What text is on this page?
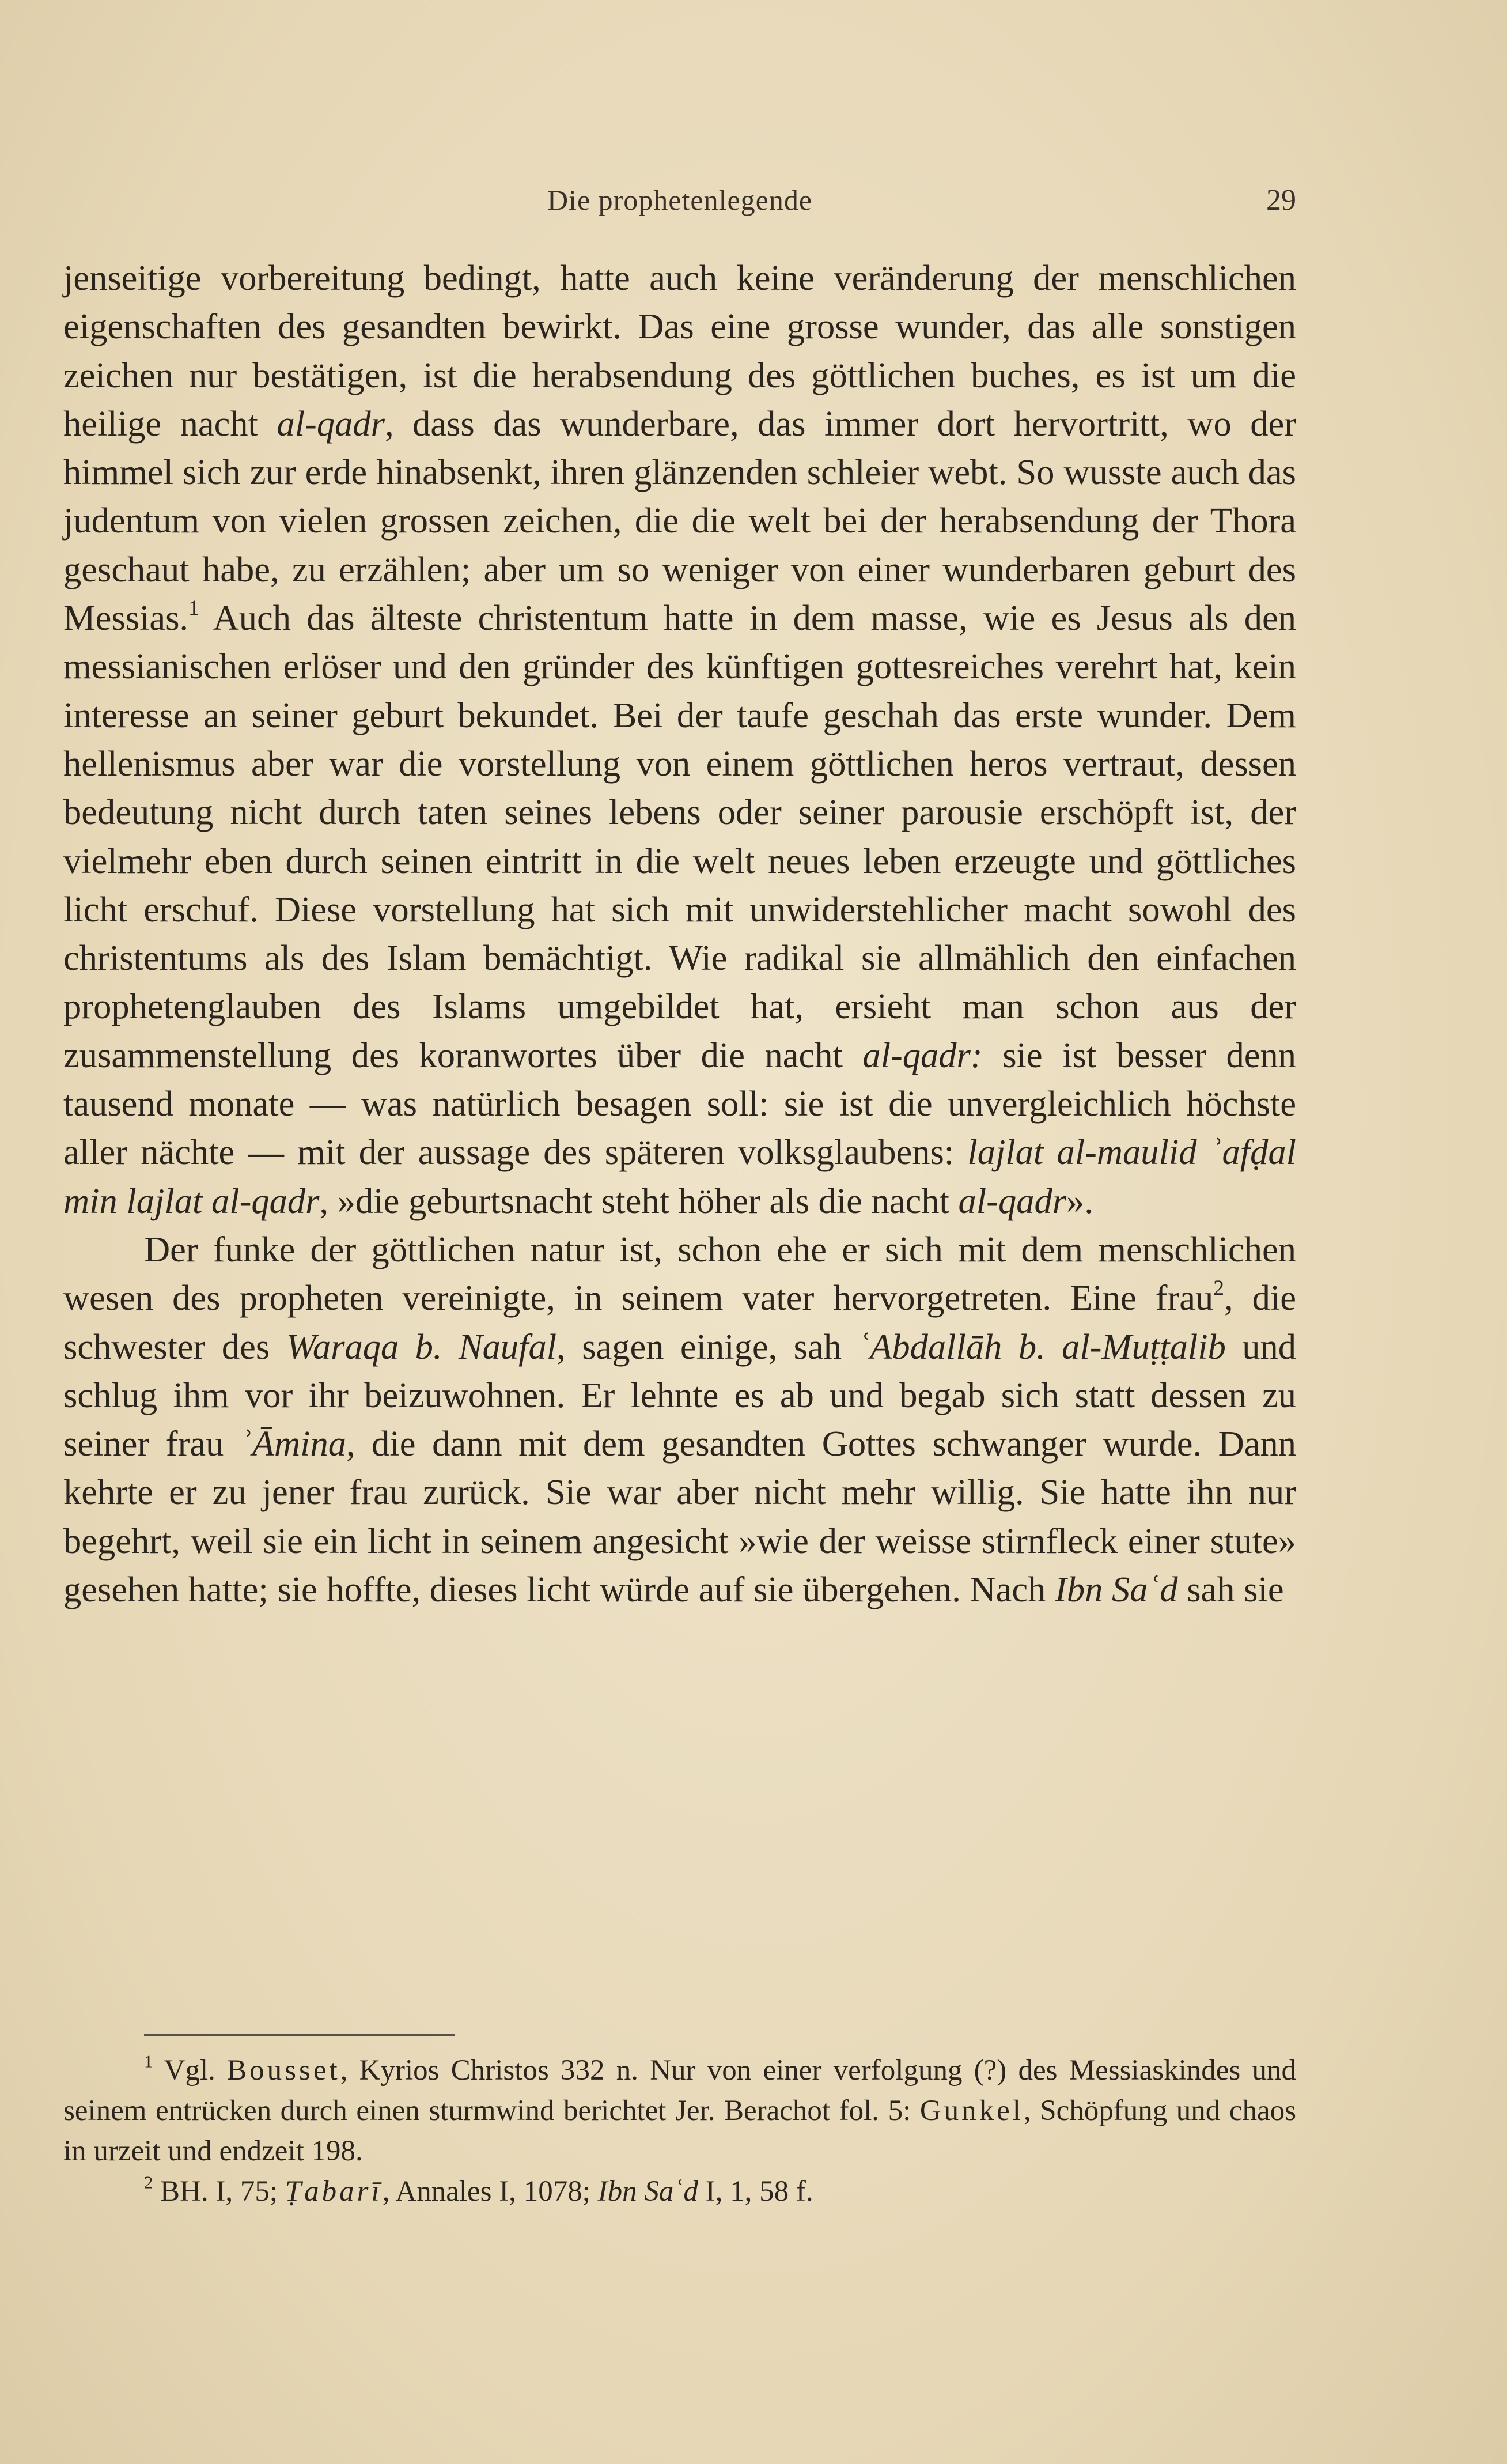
Die prophetenlegende	29

jenseitige vorbereitung bedingt, hatte auch keine veränderung der menschlichen eigenschaften des gesandten bewirkt. Das eine grosse wunder, das alle sonstigen zeichen nur bestätigen, ist die herabsendung des göttlichen buches, es ist um die heilige nacht al-qadr, dass das wunderbare, das immer dort hervortritt, wo der himmel sich zur erde hinabsenkt, ihren glänzenden schleier webt. So wusste auch das judentum von vielen grossen zeichen, die die welt bei der herabsendung der Thora geschaut habe, zu erzählen; aber um so weniger von einer wunderbaren geburt des Messias.$^1$ Auch das älteste christentum hatte in dem masse, wie es Jesus als den messianischen erlöser und den gründer des künftigen gottesreiches verehrt hat, kein interesse an seiner geburt bekundet. Bei der taufe geschah das erste wunder. Dem hellenismus aber war die vorstellung von einem göttlichen heros vertraut, dessen bedeutung nicht durch taten seines lebens oder seiner parousie erschöpft ist, der vielmehr eben durch seinen eintritt in die welt neues leben erzeugte und göttliches licht erschuf. Diese vorstellung hat sich mit unwiderstehlicher macht sowohl des christentums als des Islam bemächtigt. Wie radikal sie allmählich den einfachen prophetenglauben des Islams umgebildet hat, ersieht man schon aus der zusammenstellung des koranwortes über die nacht al-qadr: sie ist besser denn tausend monate — was natürlich besagen soll: sie ist die unvergleichlich höchste aller nächte — mit der aussage des späteren volksglaubens: lajlat al-maulid ʾafḍal min lajlat al-qadr, »die geburtsnacht steht höher als die nacht al-qadr».

Der funke der göttlichen natur ist, schon ehe er sich mit dem menschlichen wesen des propheten vereinigte, in seinem vater hervorgetreten. Eine frau$^2$, die schwester des Waraqa b. Naufal, sagen einige, sah ʿAbdallāh b. al-Muṭṭalib und schlug ihm vor ihr beizuwohnen. Er lehnte es ab und begab sich statt dessen zu seiner frau ʾĀmina, die dann mit dem gesandten Gottes schwanger wurde. Dann kehrte er zu jener frau zurück. Sie war aber nicht mehr willig. Sie hatte ihn nur begehrt, weil sie ein licht in seinem angesicht »wie der weisse stirnfleck einer stute» gesehen hatte; sie hoffte, dieses licht würde auf sie übergehen. Nach Ibn Saʿd sah sie

$^1$ Vgl. Bousset, Kyrios Christos 332 n. Nur von einer verfolgung (?) des Messiaskindes und seinem entrücken durch einen sturmwind berichtet Jer. Berachot fol. 5: Gunkel, Schöpfung und chaos in urzeit und endzeit 198.

$^2$ BH. I, 75; Ṭabarī, Annales I, 1078; Ibn Saʿd I, 1, 58 f.
